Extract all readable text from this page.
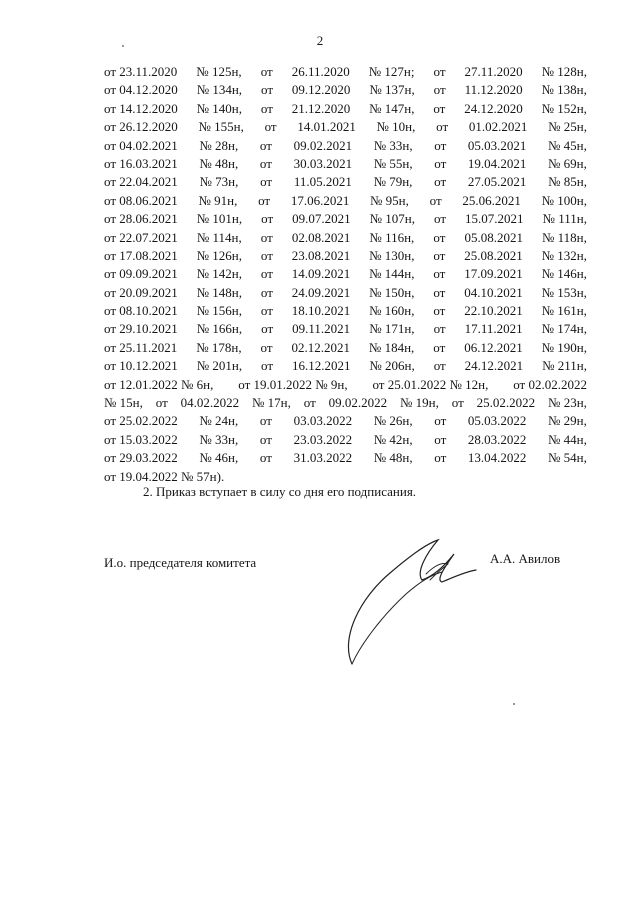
2
от 23.11.2020 № 125н, от 26.11.2020 № 127н; от 27.11.2020 № 128н,
от 04.12.2020 № 134н, от 09.12.2020 № 137н, от 11.12.2020 № 138н,
от 14.12.2020 № 140н, от 21.12.2020 № 147н, от 24.12.2020 № 152н,
от 26.12.2020 № 155н, от 14.01.2021 № 10н, от 01.02.2021 № 25н,
от 04.02.2021 № 28н, от 09.02.2021 № 33н, от 05.03.2021 № 45н,
от 16.03.2021 № 48н, от 30.03.2021 № 55н, от 19.04.2021 № 69н,
от 22.04.2021 № 73н, от 11.05.2021 № 79н, от 27.05.2021 № 85н,
от 08.06.2021 № 91н, от 17.06.2021 № 95н, от 25.06.2021 № 100н,
от 28.06.2021 № 101н, от 09.07.2021 № 107н, от 15.07.2021 № 111н,
от 22.07.2021 № 114н, от 02.08.2021 № 116н, от 05.08.2021 № 118н,
от 17.08.2021 № 126н, от 23.08.2021 № 130н, от 25.08.2021 № 132н,
от 09.09.2021 № 142н, от 14.09.2021 № 144н, от 17.09.2021 № 146н,
от 20.09.2021 № 148н, от 24.09.2021 № 150н, от 04.10.2021 № 153н,
от 08.10.2021 № 156н, от 18.10.2021 № 160н, от 22.10.2021 № 161н,
от 29.10.2021 № 166н, от 09.11.2021 № 171н, от 17.11.2021 № 174н,
от 25.11.2021 № 178н, от 02.12.2021 № 184н, от 06.12.2021 № 190н,
от 10.12.2021 № 201н, от 16.12.2021 № 206н, от 24.12.2021 № 211н,
от 12.01.2022 № 6н, от 19.01.2022 № 9н, от 25.01.2022 № 12н, от 02.02.2022
№ 15н, от 04.02.2022 № 17н, от 09.02.2022 № 19н, от 25.02.2022 № 23н,
от 25.02.2022 № 24н, от 03.03.2022 № 26н, от 05.03.2022 № 29н,
от 15.03.2022 № 33н, от 23.03.2022 № 42н, от 28.03.2022 № 44н,
от 29.03.2022 № 46н, от 31.03.2022 № 48н, от 13.04.2022 № 54н,
от 19.04.2022 № 57н).
2. Приказ вступает в силу со дня его подписания.
И.о. председателя комитета	А.А. Авилов
